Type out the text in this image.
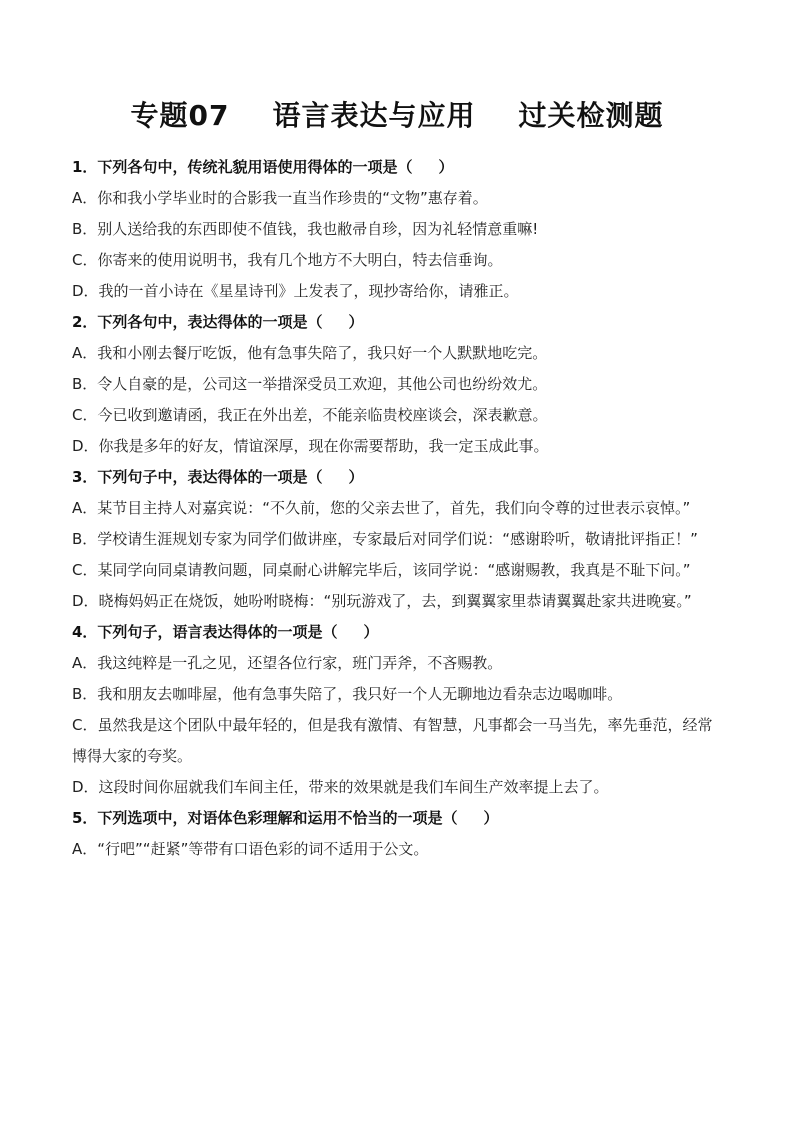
专题07    语言表达与应用    过关检测题
1．下列各句中，传统礼貌用语使用得体的一项是（     ）
A．你和我小学毕业时的合影我一直当作珍贵的“文物”惠存着。
B．别人送给我的东西即使不值钱，我也敝帚自珍，因为礼轻情意重嘛!
C．你寄来的使用说明书，我有几个地方不大明白，特去信垂询。
D．我的一首小诗在《星星诗刊》上发表了，现抄寄给你，请雅正。
2．下列各句中，表达得体的一项是（     ）
A．我和小刚去餐厅吃饭，他有急事失陪了，我只好一个人默默地吃完。
B．令人自豪的是，公司这一举措深受员工欢迎，其他公司也纷纷效尤。
C．今已收到邀请函，我正在外出差，不能亲临贵校座谈会，深表歉意。
D．你我是多年的好友，情谊深厚，现在你需要帮助，我一定玉成此事。
3．下列句子中，表达得体的一项是（     ）
A．某节目主持人对嘉宾说：“不久前，您的父亲去世了，首先，我们向令尊的过世表示哀悼。”
B．学校请生涯规划专家为同学们做讲座，专家最后对同学们说：“感谢聆听，敬请批评指正！”
C．某同学向同桌请教问题，同桌耐心讲解完毕后，该同学说：“感谢赐教，我真是不耻下问。”
D．晓梅妈妈正在烧饭，她吩咐晓梅：“别玩游戏了，去，到翼翼家里恭请翼翼赴家共进晚宴。”
4．下列句子，语言表达得体的一项是（     ）
A．我这纯粹是一孔之见，还望各位行家，班门弄斧，不吝赐教。
B．我和朋友去咖啡屋，他有急事失陪了，我只好一个人无聊地边看杂志边喝咖啡。
C．虽然我是这个团队中最年轻的，但是我有激情、有智慧，凡事都会一马当先，率先垂范，经常博得大家的夸奖。
D．这段时间你屈就我们车间主任，带来的效果就是我们车间生产效率提上去了。
5．下列选项中，对语体色彩理解和运用不恰当的一项是（     ）
A．“行吧”“赶紧”等带有口语色彩的词不适用于公文。
